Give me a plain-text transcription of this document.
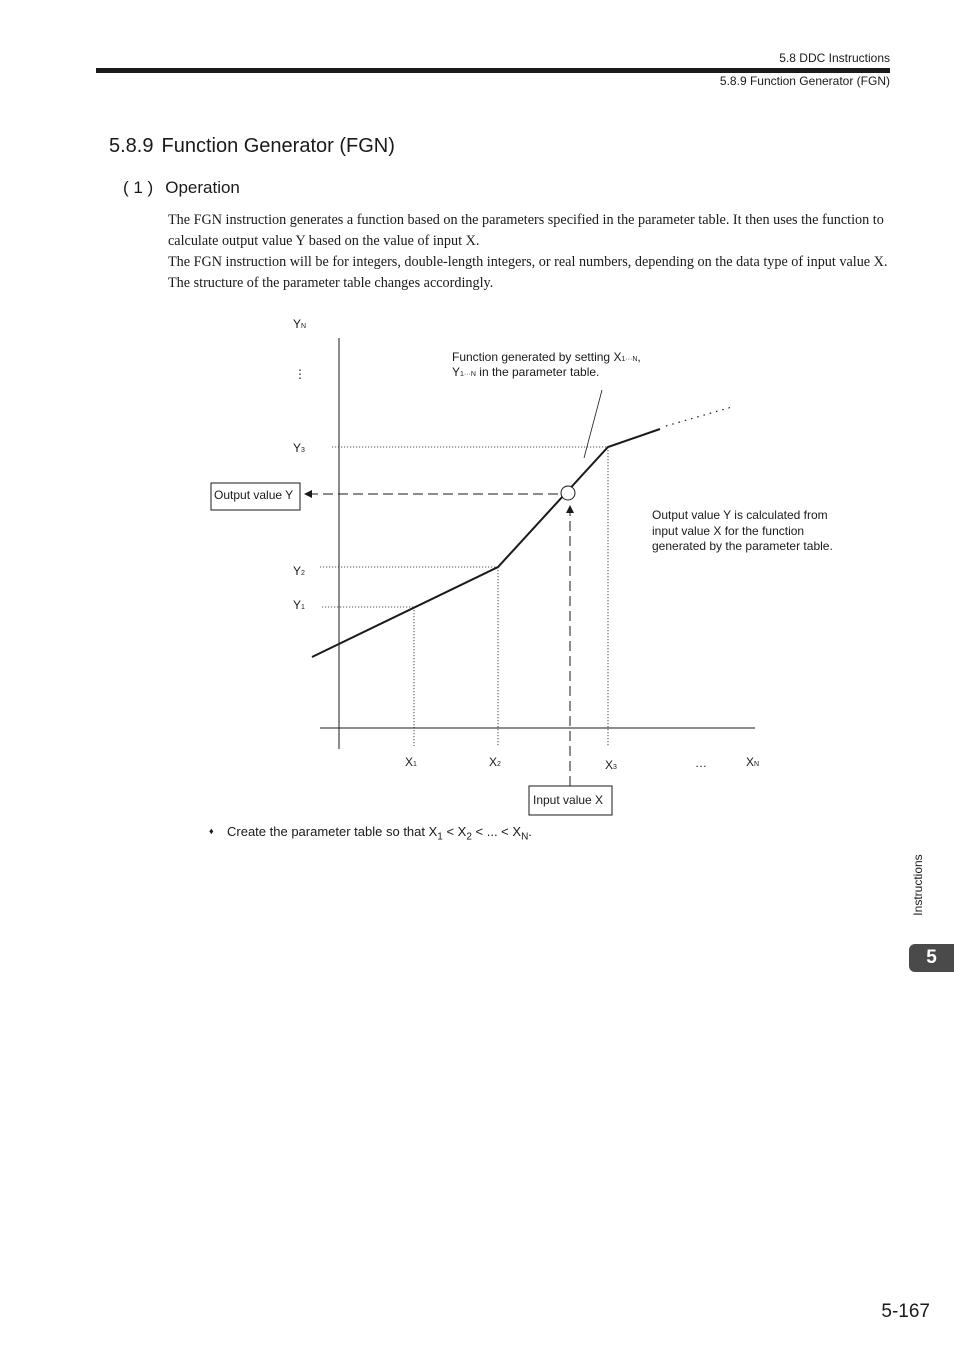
5.8 DDC Instructions
5.8.9 Function Generator (FGN)
5.8.9 Function Generator (FGN)
( 1 ) Operation

The FGN instruction generates a function based on the parameters specified in the parameter table. It then uses the function to calculate output value Y based on the value of input X.

The FGN instruction will be for integers, double-length integers, or real numbers, depending on the data type of input value X. The structure of the parameter table changes accordingly.

Output value Y
Input value X
YN
⋮
Y3
Y2
Y1
X1	X2	X3	…	XN
Function generated by setting X1···N,
Y1···N in the parameter table.
Output value Y is calculated from
input value X for the function
generated by the parameter table.
♦ Create the parameter table so that $X_1 < X_2$ < ... < $X_N$.
Instructions
5
5-167
